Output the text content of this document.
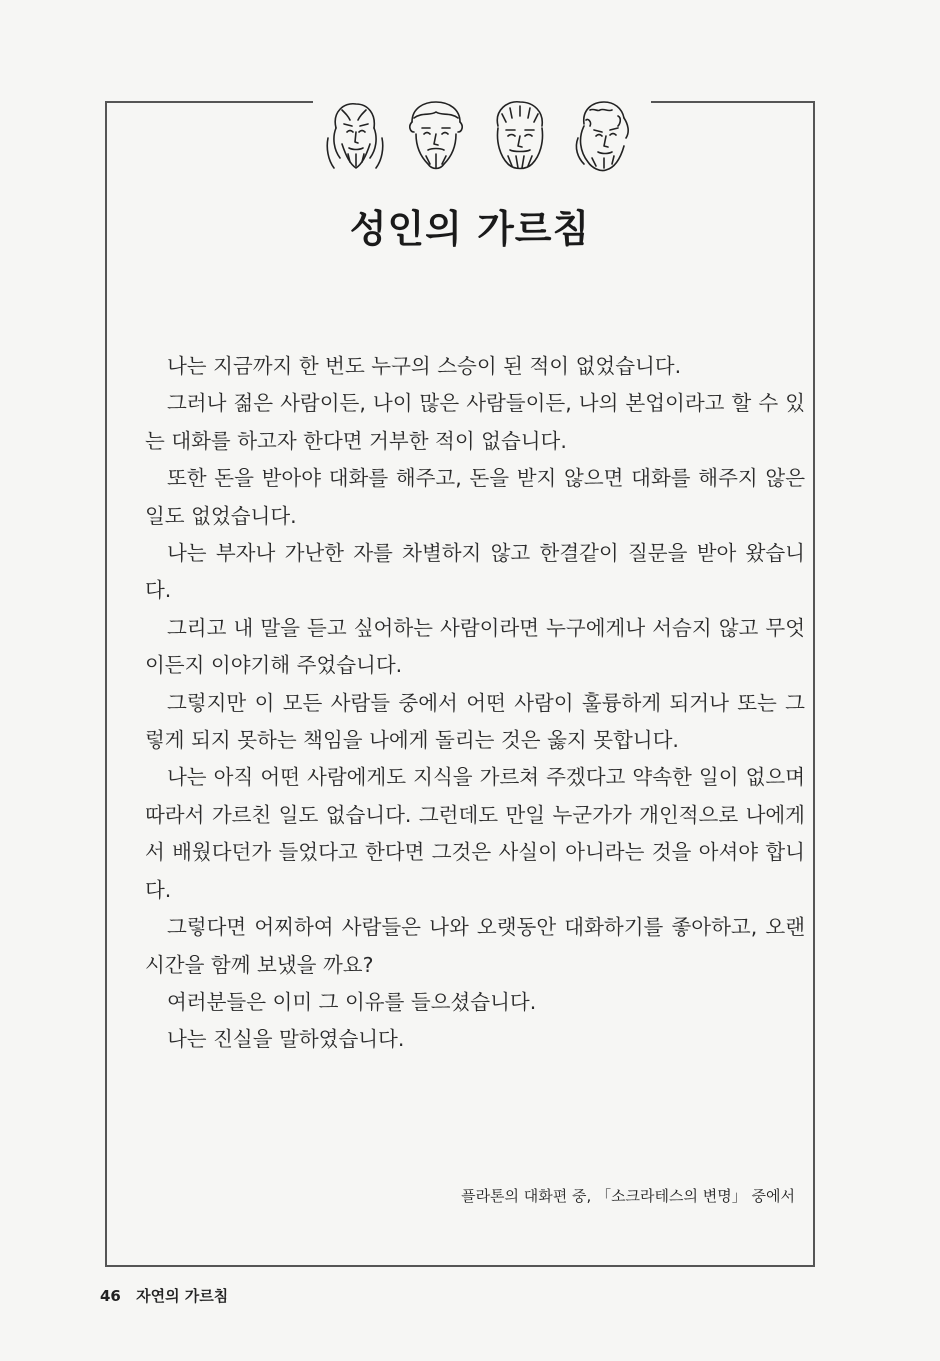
성인의 가르침

나는 지금까지 한 번도 누구의 스승이 된 적이 없었습니다.

그러나 젊은 사람이든, 나이 많은 사람들이든, 나의 본업이라고 할 수 있는 대화를 하고자 한다면 거부한 적이 없습니다.

또한 돈을 받아야 대화를 해주고, 돈을 받지 않으면 대화를 해주지 않은 일도 없었습니다.

나는 부자나 가난한 자를 차별하지 않고 한결같이 질문을 받아 왔습니다.

그리고 내 말을 듣고 싶어하는 사람이라면 누구에게나 서슴지 않고 무엇이든지 이야기해 주었습니다.

그렇지만 이 모든 사람들 중에서 어떤 사람이 훌륭하게 되거나 또는 그렇게 되지 못하는 책임을 나에게 돌리는 것은 옳지 못합니다.

나는 아직 어떤 사람에게도 지식을 가르쳐 주겠다고 약속한 일이 없으며 따라서 가르친 일도 없습니다. 그런데도 만일 누군가가 개인적으로 나에게서 배웠다던가 들었다고 한다면 그것은 사실이 아니라는 것을 아셔야 합니다.

그렇다면 어찌하여 사람들은 나와 오랫동안 대화하기를 좋아하고, 오랜 시간을 함께 보냈을 까요?

여러분들은 이미 그 이유를 들으셨습니다.

나는 진실을 말하였습니다.

플라톤의 대화편 중, 「소크라테스의 변명」 중에서
46 자연의 가르침
